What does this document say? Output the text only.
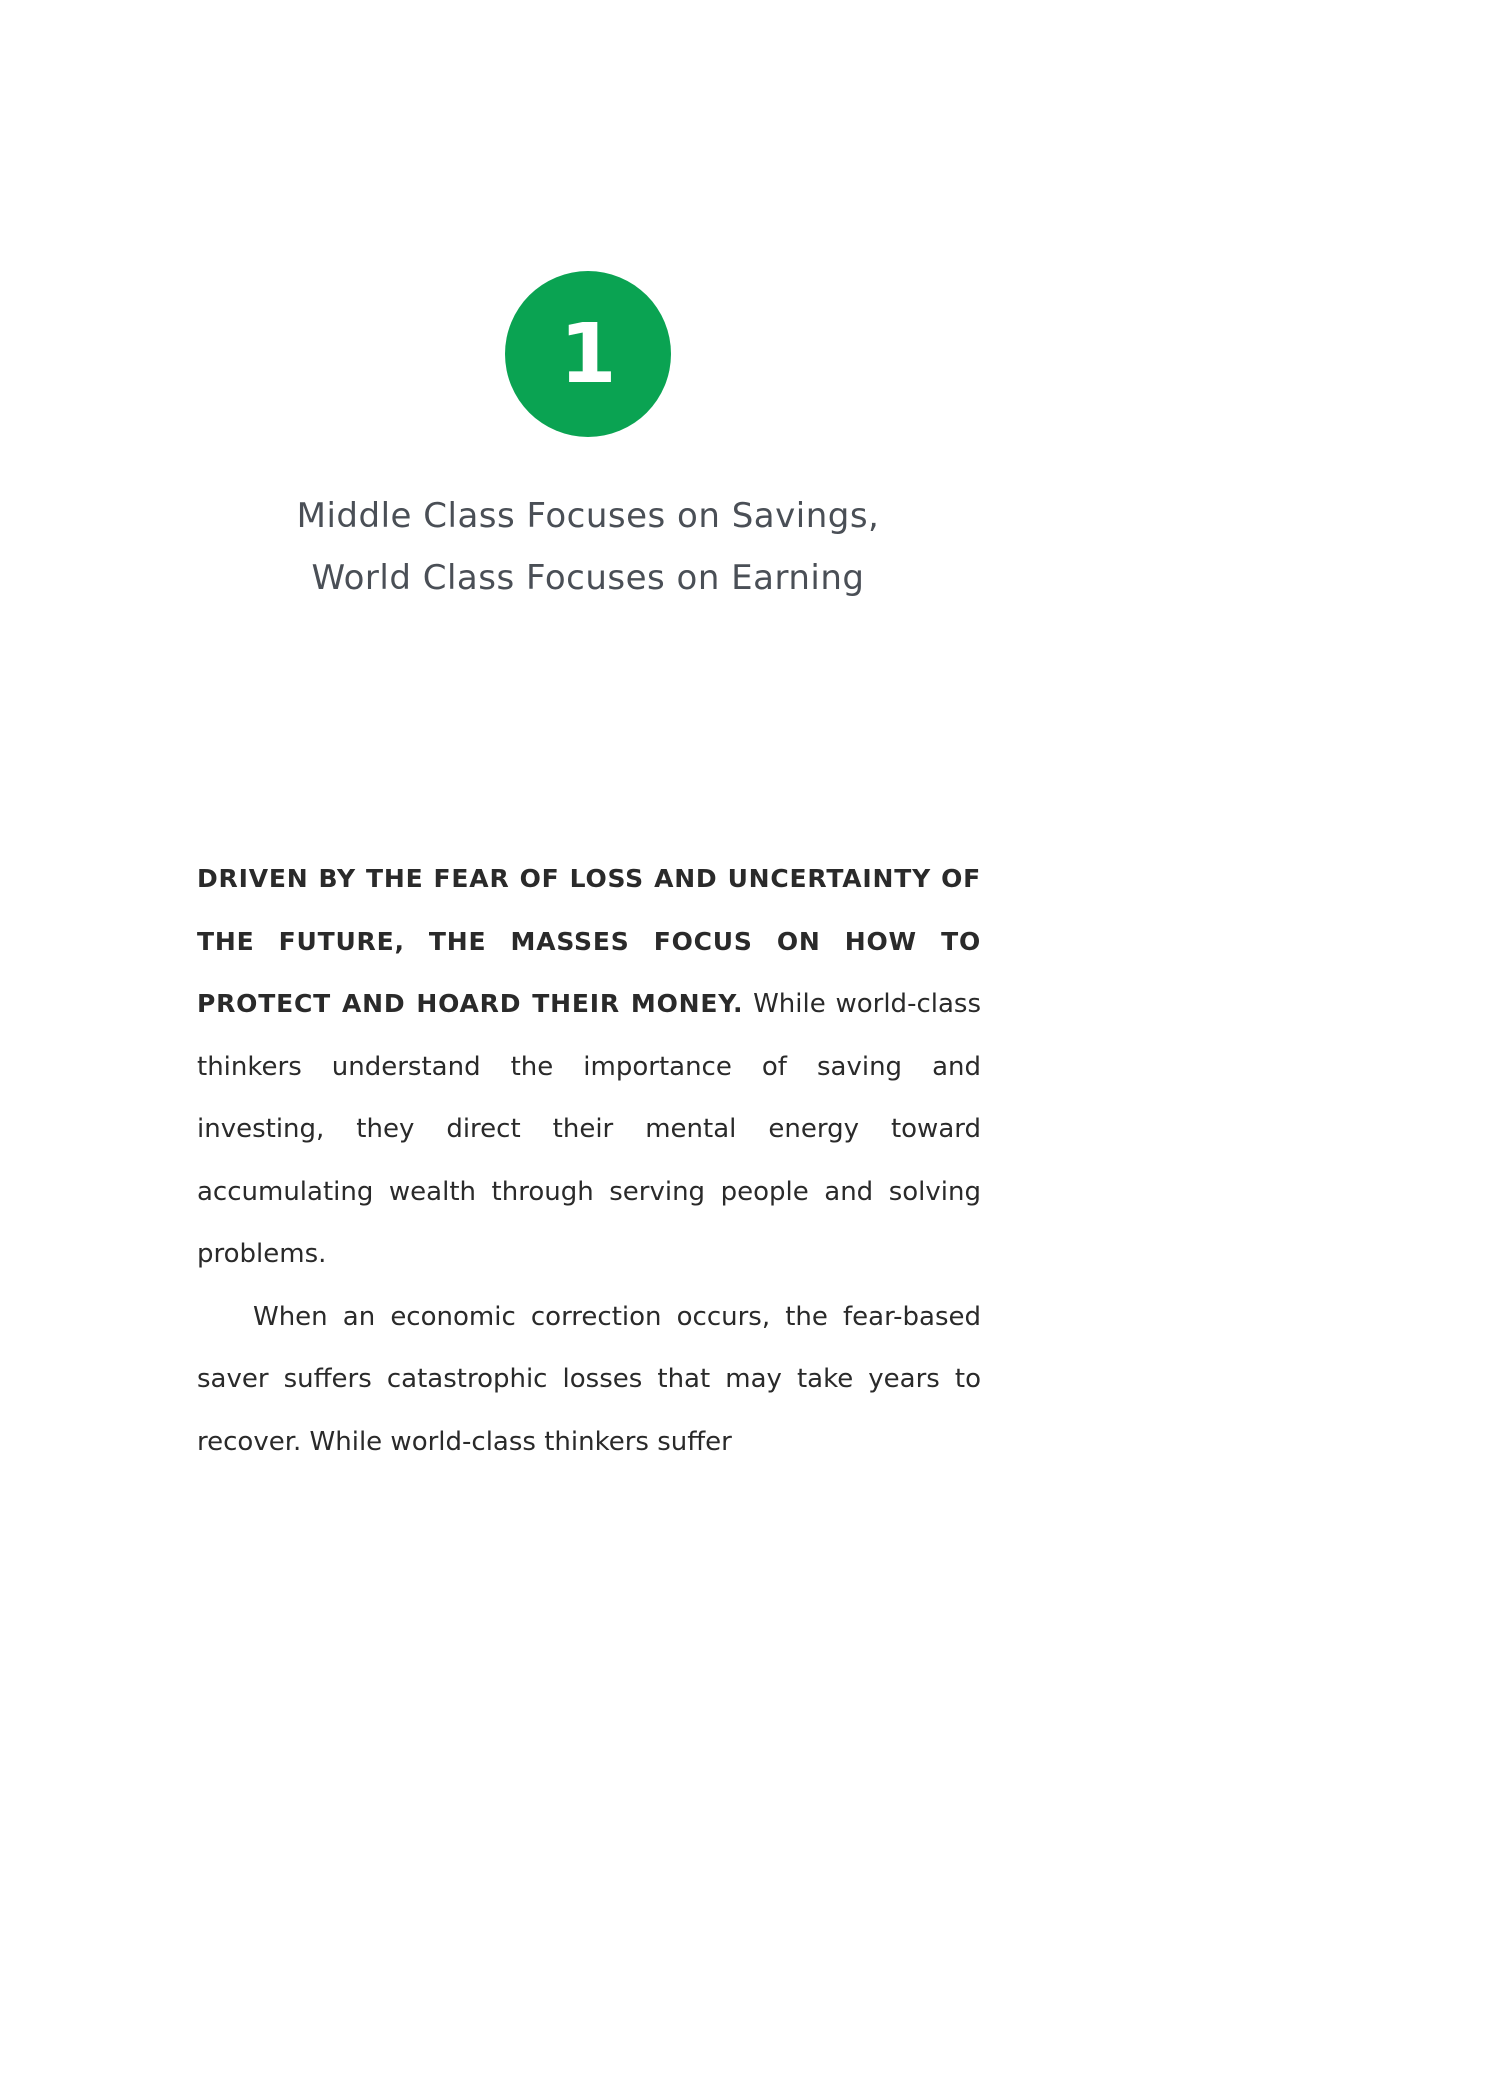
1
Middle Class Focuses on Savings,
World Class Focuses on Earning

DRIVEN BY THE FEAR OF LOSS AND UNCERTAINTY OF THE FUTURE, THE MASSES FOCUS ON HOW TO PROTECT AND HOARD THEIR MONEY. While world-class thinkers understand the importance of saving and investing, they direct their mental energy toward accumulating wealth through serving people and solving problems.

When an economic correction occurs, the fear-based saver suffers catastrophic losses that may take years to recover. While world-class thinkers suffer
